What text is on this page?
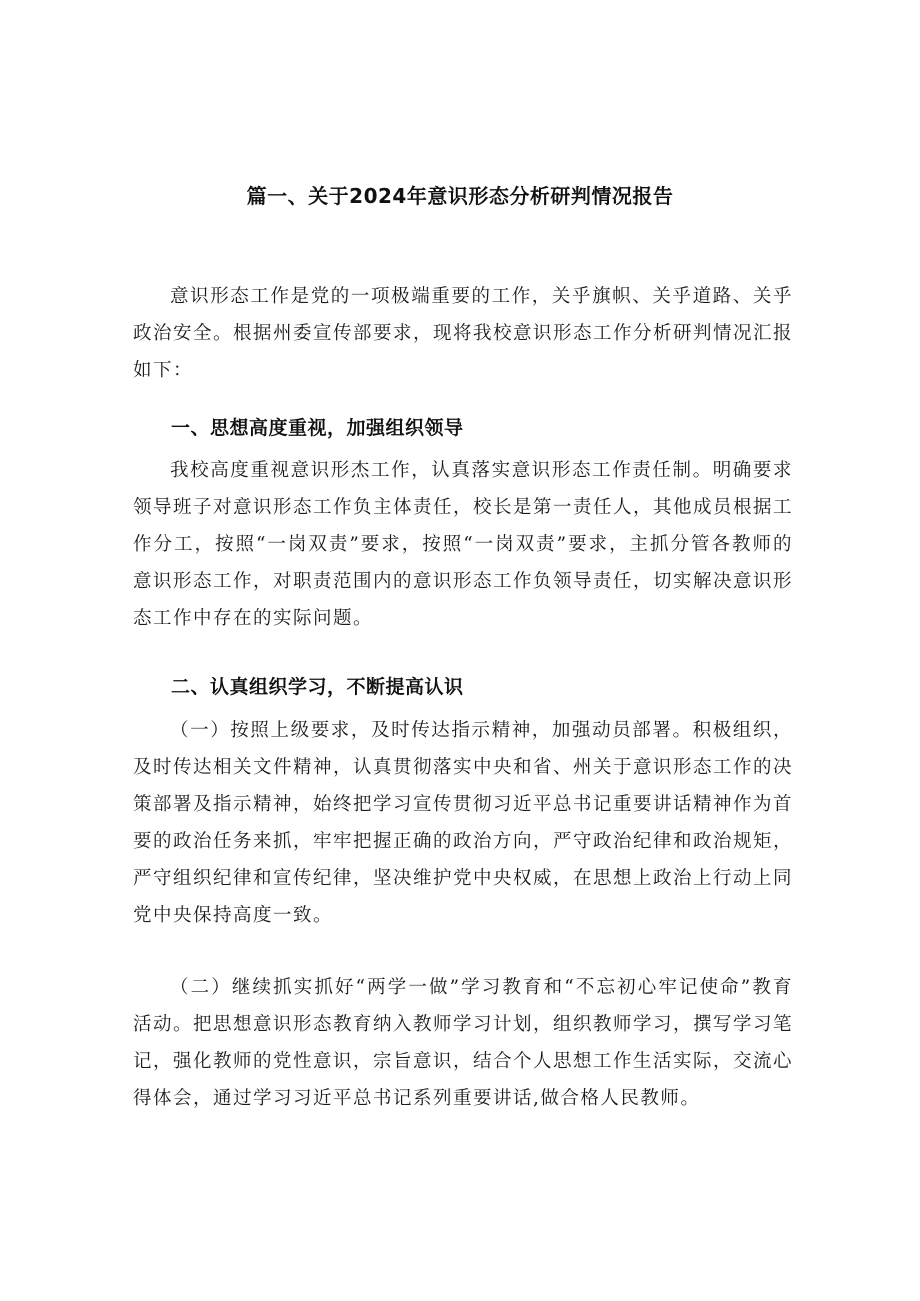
篇一、关于2024年意识形态分析研判情况报告

意识形态工作是党的一项极端重要的工作，关乎旗帜、关乎道路、关乎政治安全。根据州委宣传部要求，现将我校意识形态工作分析研判情况汇报如下：

一、思想高度重视，加强组织领导

我校高度重视意识形杰工作，认真落实意识形态工作责任制。明确要求领导班子对意识形态工作负主体责任，校长是第一责任人，其他成员根据工作分工，按照“一岗双责”要求，按照“一岗双责”要求，主抓分管各教师的意识形态工作，对职责范围内的意识形态工作负领导责任，切实解决意识形态工作中存在的实际问题。

二、认真组织学习，不断提高认识

（一）按照上级要求，及时传达指示精神，加强动员部署。积极组织，及时传达相关文件精神，认真贯彻落实中央和省、州关于意识形态工作的决策部署及指示精神，始终把学习宣传贯彻习近平总书记重要讲话精神作为首要的政治任务来抓，牢牢把握正确的政治方向，严守政治纪律和政治规矩，严守组织纪律和宣传纪律，坚决维护党中央权威，在思想上政治上行动上同党中央保持高度一致。

（二）继续抓实抓好“两学一做”学习教育和“不忘初心牢记使命”教育活动。把思想意识形态教育纳入教师学习计划，组织教师学习，撰写学习笔记，强化教师的党性意识，宗旨意识，结合个人思想工作生活实际，交流心得体会，通过学习习近平总书记系列重要讲话,做合格人民教师。
